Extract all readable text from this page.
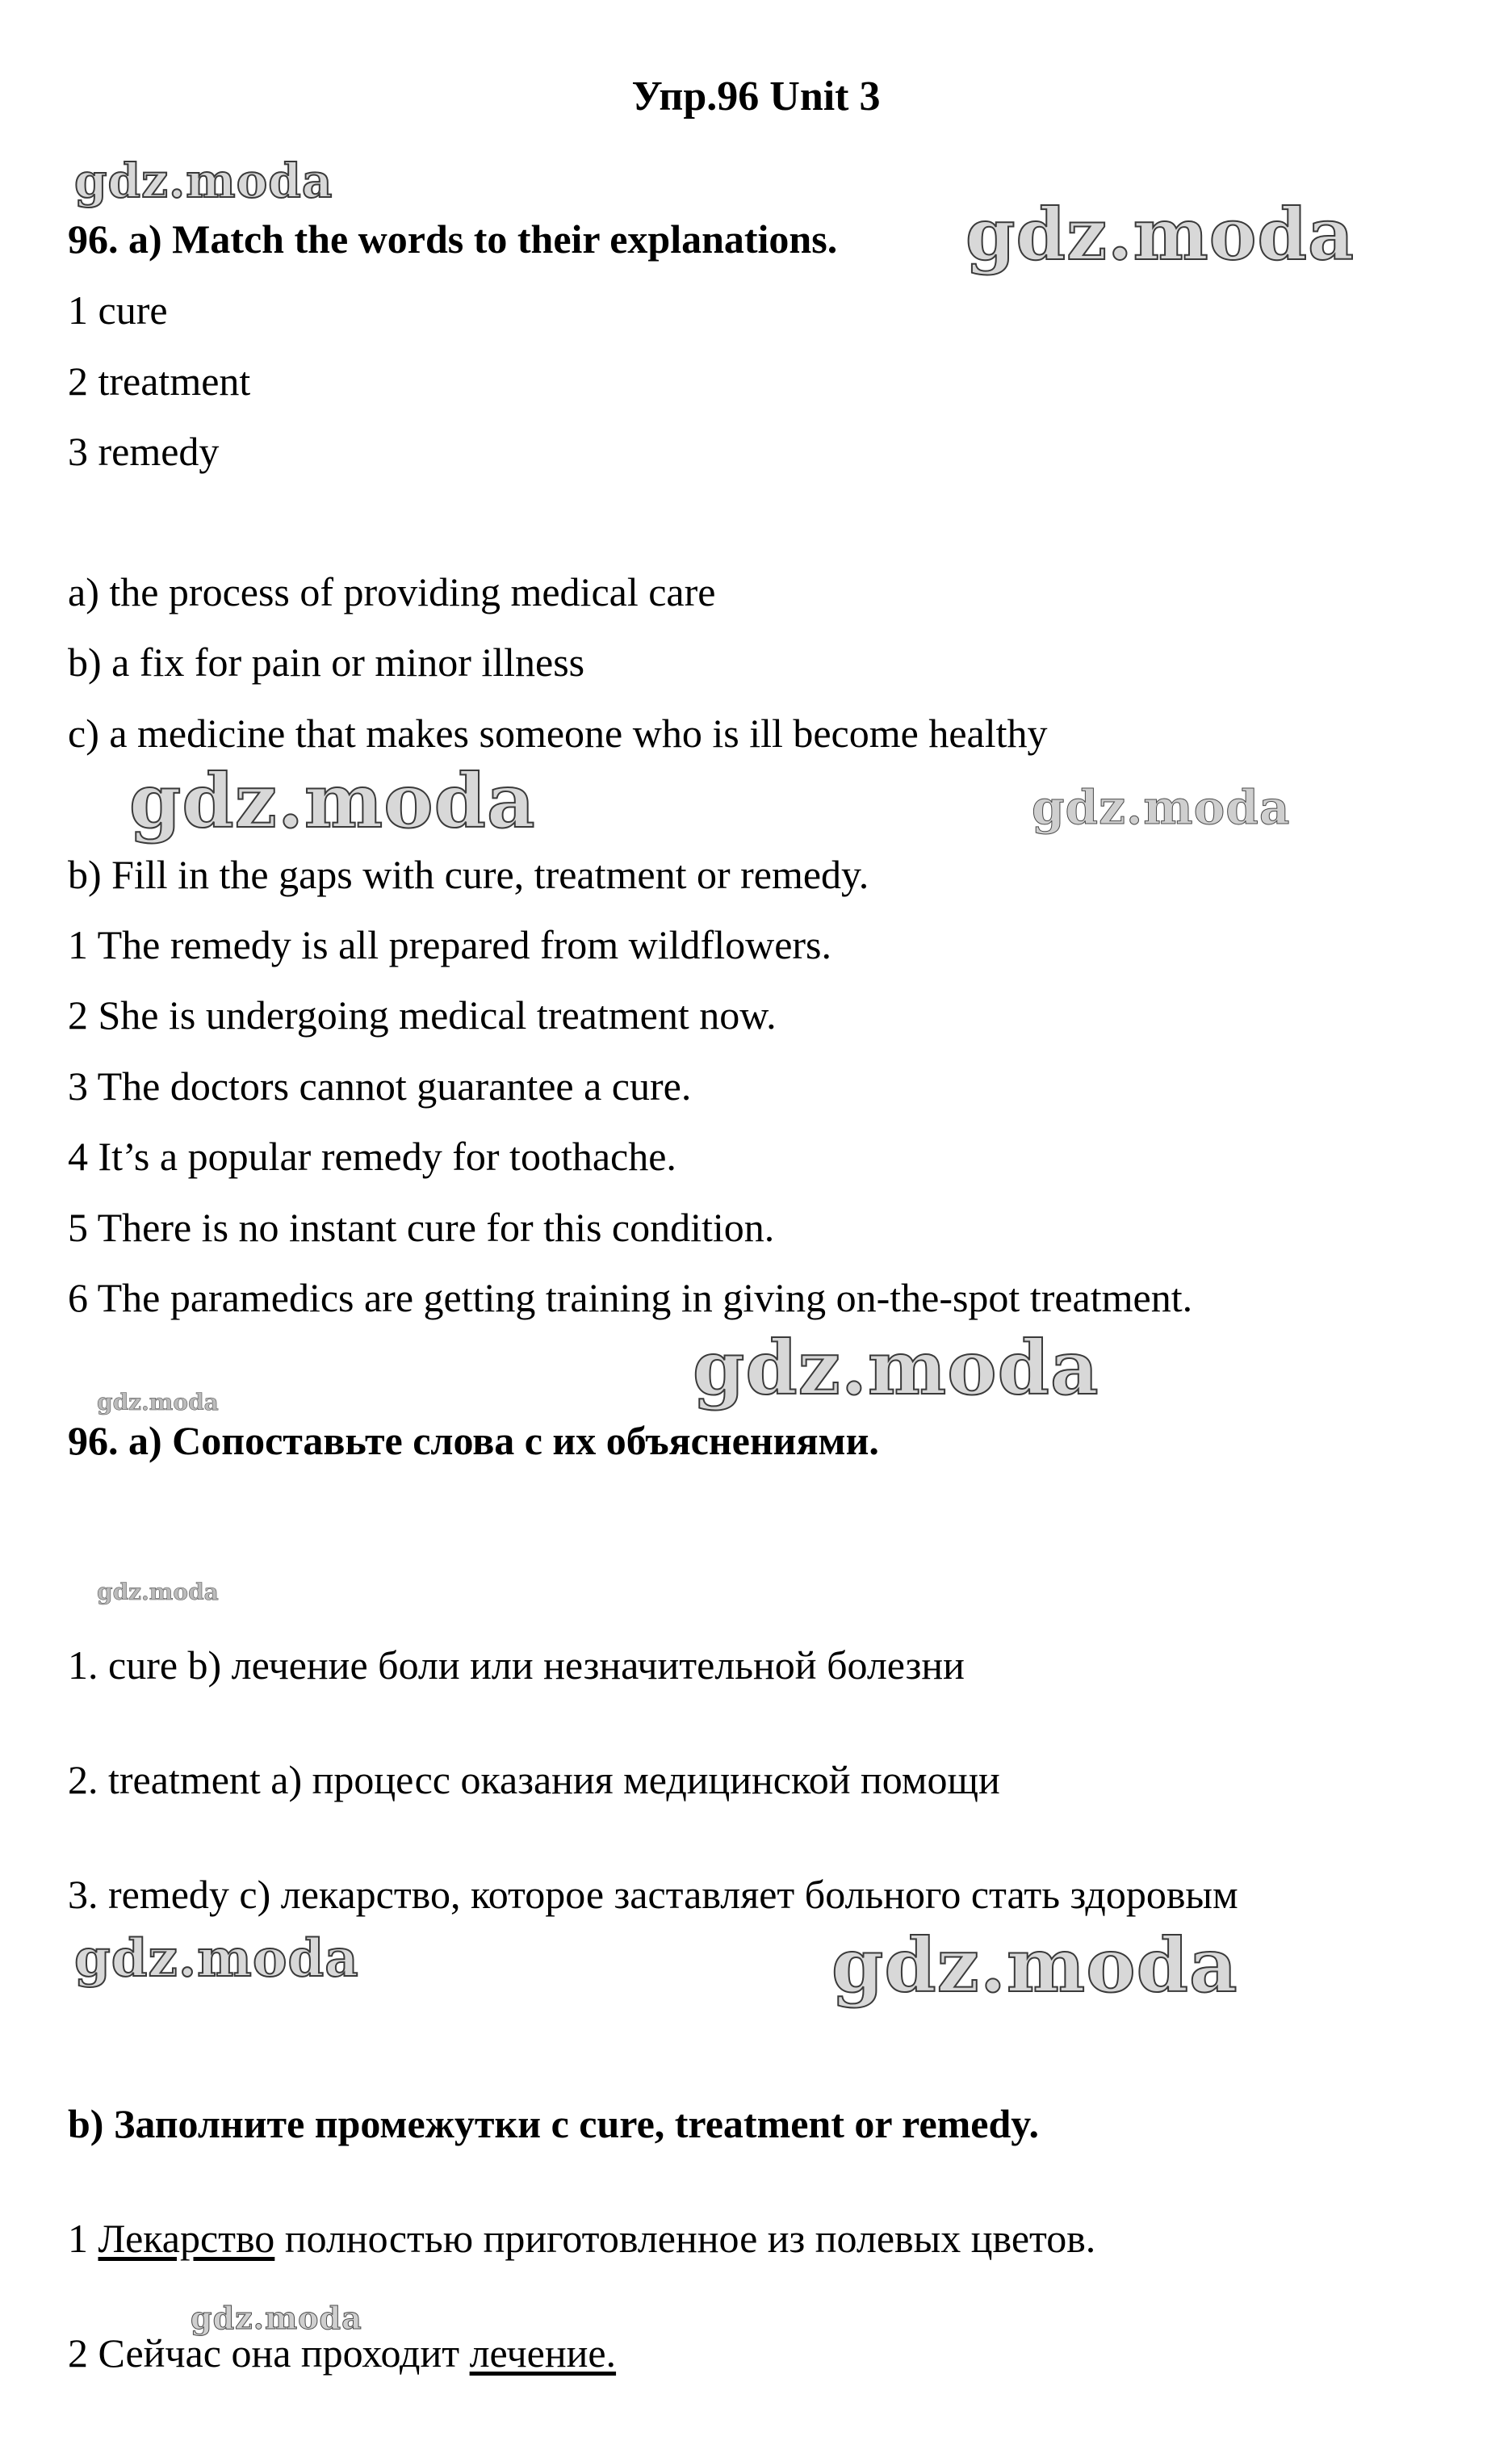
Упр.96 Unit 3
gdz.moda
gdz.moda
gdz.moda	gdz.moda
gdz.moda
gdz.moda
gdz.moda
gdz.moda	gdz.moda
gdz.moda
96. a) Match the words to their explanations.
1 cure
2 treatment
3 remedy
a) the process of providing medical care
b) a fix for pain or minor illness
c) a medicine that makes someone who is ill become healthy
b) Fill in the gaps with cure, treatment or remedy.
1 The remedy is all prepared from wildflowers.
2 She is undergoing medical treatment now.
3 The doctors cannot guarantee a cure.
4 It’s a popular remedy for toothache.
5 There is no instant cure for this condition.
6 The paramedics are getting training in giving on-the-spot treatment.
96. а) Сопоставьте слова с их объяснениями.
1. cure b) лечение боли или незначительной болезни
2. treatment a) процесс оказания медицинской помощи
3. remedy c) лекарство, которое заставляет больного стать здоровым
b) Заполните промежутки с cure, treatment or remedy.
1 Лекарство полностью приготовленное из полевых цветов.
2 Сейчас она проходит лечение.
